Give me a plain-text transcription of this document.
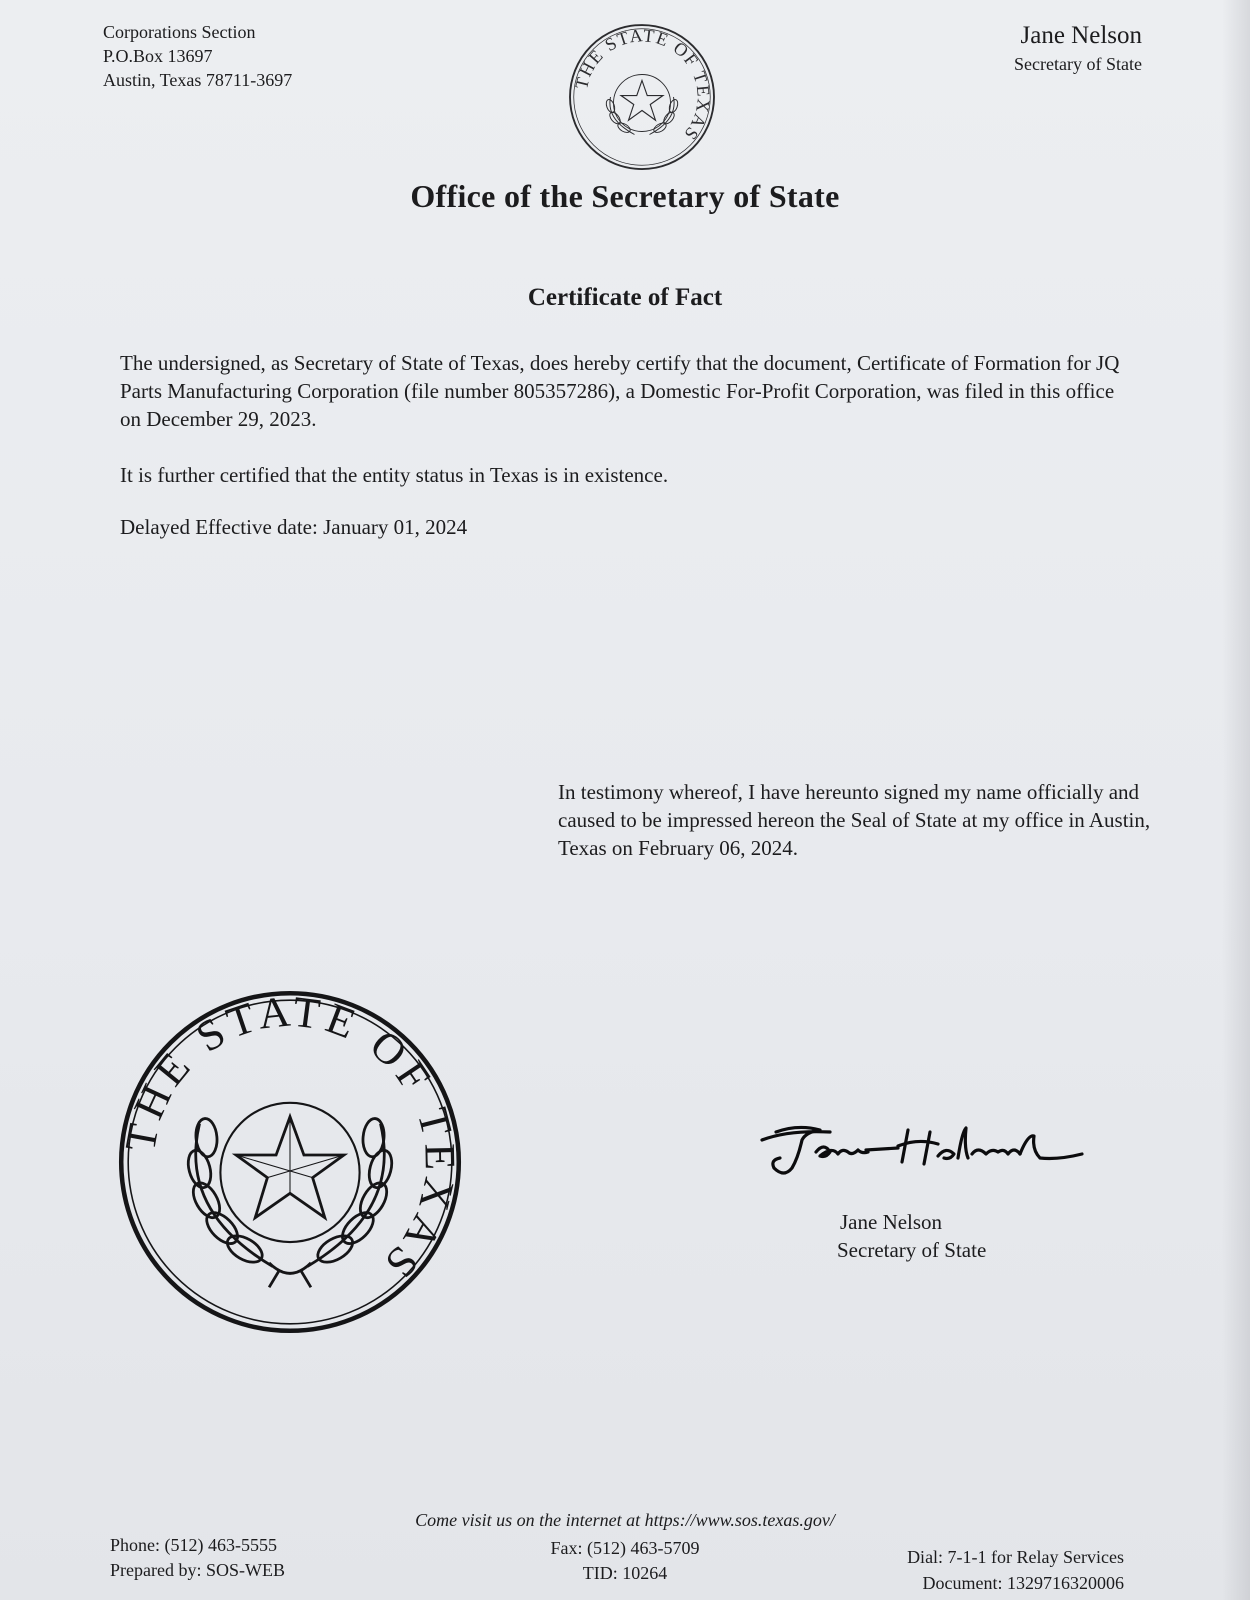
Corporations Section
P.O.Box 13697
Austin, Texas 78711-3697	THE STATE OF TEXAS
Jane Nelson
Secretary of State
Office of the Secretary of State
Certificate of Fact

The undersigned, as Secretary of State of Texas, does hereby certify that the document, Certificate of Formation for JQ Parts Manufacturing Corporation (file number 805357286), a Domestic For-Profit Corporation, was filed in this office on December 29, 2023.

It is further certified that the entity status in Texas is in existence.

Delayed Effective date: January 01, 2024

In testimony whereof, I have hereunto signed my name officially and caused to be impressed hereon the Seal of State at my office in Austin, Texas on February 06, 2024.
THE STATE OF TEXAS
Jane Nelson
Secretary of State
Come visit us on the internet at https://www.sos.texas.gov/
Phone: (512) 463-5555
Prepared by: SOS-WEB
Fax: (512) 463-5709
TID: 10264
Dial: 7-1-1 for Relay Services
Document: 1329716320006
